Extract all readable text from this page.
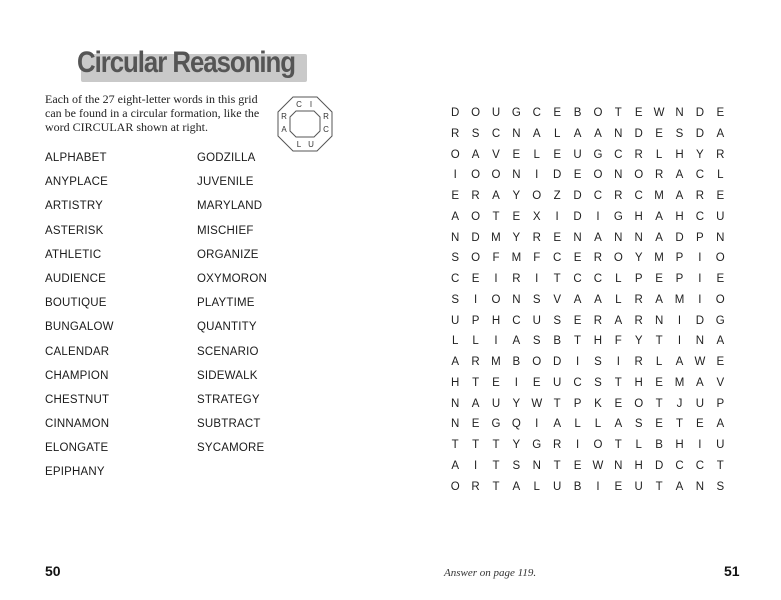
Circular Reasoning

Each of the 27 eight-letter words in this grid can be found in a circular formation, like the word CIRCULAR shown at right.

C I
R
C
U
L
A
R
ALPHABET
ANYPLACE
ARTISTRY
ASTERISK
ATHLETIC
AUDIENCE
BOUTIQUE
BUNGALOW
CALENDAR
CHAMPION
CHESTNUT
CINNAMON
ELONGATE
EPIPHANY
GODZILLA
JUVENILE
MARYLAND
MISCHIEF
ORGANIZE
OXYMORON
PLAYTIME
QUANTITY
SCENARIO
SIDEWALK
STRATEGY
SUBTRACT
SYCAMORE

50

D	O	U	G	C	E	B	O	T	E W N	D	E
R	S	C	N	A	L	A	A	N	D	E	S	D	A
O	A	V	E	L	E	U	G	C	R	L	H	Y	R
I	O O	N	I	D	E	O	N	O	R	A	C	L
E	R	A	Y	O	Z	D	C	R	C M	A	R	E
A	O	T	E	X	I	D	I	G	H	A	H	C	U
N	D M	Y	R	E	N	A	N	N	A	D	P	N
S	O	F	M	F	C	E	R	O	Y	M	P	I	O
C	E	I	R	I	T	C	C	L	P	E	P	I	E
S	I	O	N	S	V	A	A	L	R	A	M	I	O
U	P	H	C	U	S	E	R	A	R	N	I	D	G
L	L	I	A	S	B	T	H	F	Y	T	I	N	A
A	R M	B	O	D	I	S	I	R	L	A W E
H	T	E	I	E	U	C	S	T	H	E	M	A	V
N	A	U	Y W T	P	K	E	O	T	J	U	P
N	E	G Q	I	A	L	L	A	S	E	T	E	A
T	T	T	Y	G	R	I	O	T	L	B	H	I	U
A	I	T	S	N	T	E W N	H	D	C	C	T
O	R	T	A	L	U	B	I	E	U	T	A	N	S

Answer on page 119.	51
